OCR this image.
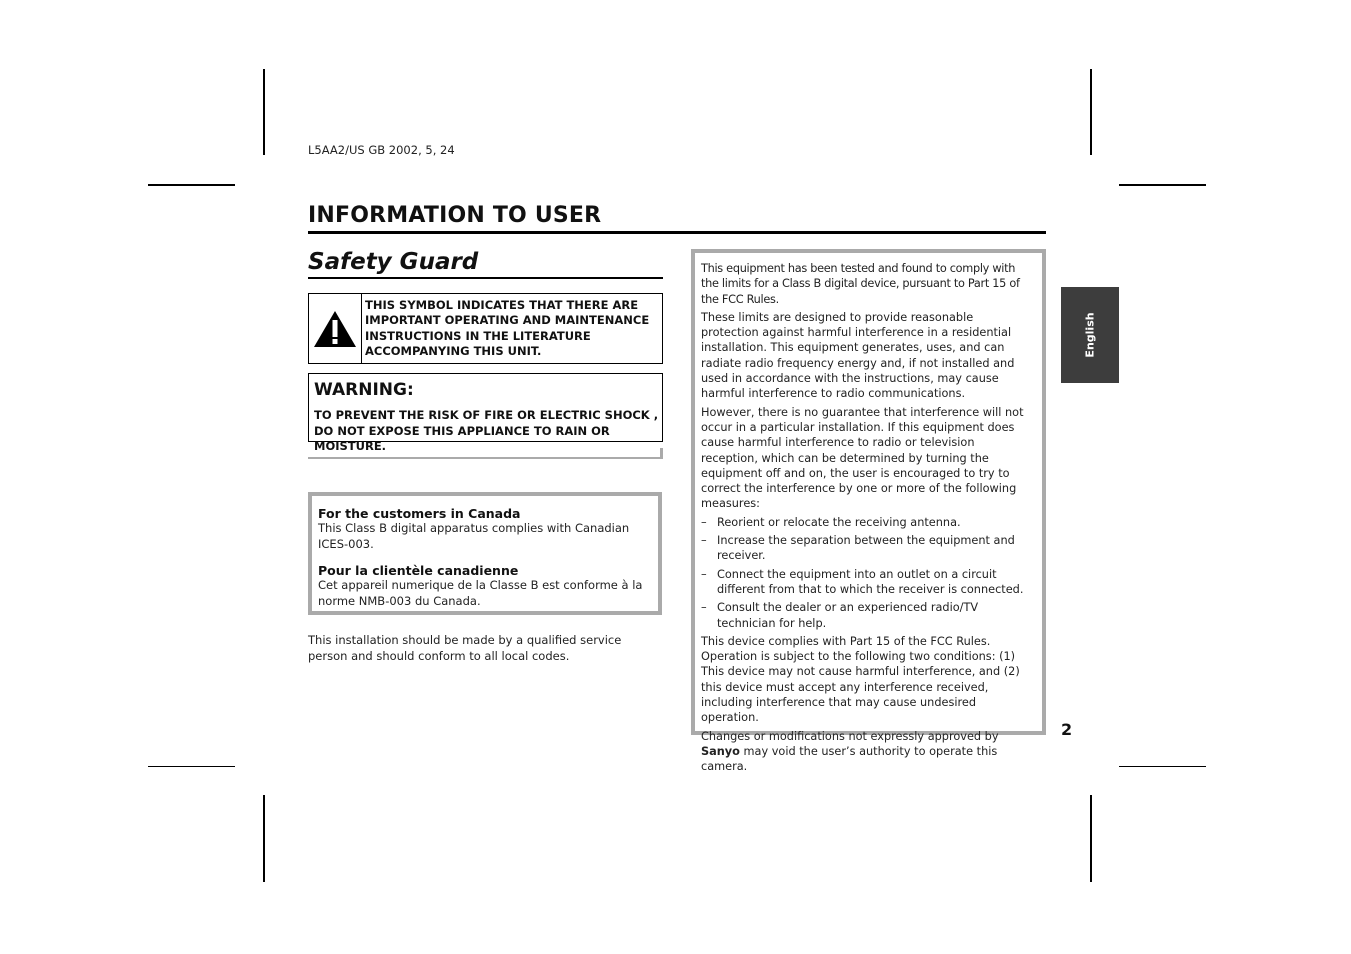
L5AA2/US GB 2002, 5, 24
INFORMATION TO USER
Safety Guard
THIS SYMBOL INDICATES THAT THERE ARE IMPORTANT OPERATING AND MAINTENANCE INSTRUCTIONS IN THE LITERATURE ACCOMPANYING THIS UNIT.
WARNING:
TO PREVENT THE RISK OF FIRE OR ELECTRIC SHOCK , DO NOT EXPOSE THIS APPLIANCE TO RAIN OR MOISTURE.
For the customers in Canada
This Class B digital apparatus complies with Canadian ICES-003.
Pour la clientèle canadienne
Cet appareil numerique de la Classe B est conforme à la norme NMB-003 du Canada.
This installation should be made by a qualified service person and should conform to all local codes.

This equipment has been tested and found to comply with the limits for a Class B digital device, pursuant to Part 15 of the FCC Rules.

These limits are designed to provide reasonable protection against harmful interference in a residential installation. This equipment generates, uses, and can radiate radio frequency energy and, if not installed and used in accordance with the instructions, may cause harmful interference to radio communications.

However, there is no guarantee that interference will not occur in a particular installation. If this equipment does cause harmful interference to radio or television reception, which can be determined by turning the equipment off and on, the user is encouraged to try to correct the interference by one or more of the following measures:

– Reorient or relocate the receiving antenna.
– Increase the separation between the equipment and receiver.
– Connect the equipment into an outlet on a circuit different from that to which the receiver is connected.
– Consult the dealer or an experienced radio/TV technician for help.

This device complies with Part 15 of the FCC Rules. Operation is subject to the following two conditions: (1) This device may not cause harmful interference, and (2) this device must accept any interference received, including interference that may cause undesired operation.

Changes or modifications not expressly approved by Sanyo may void the user’s authority to operate this camera.

English
2
